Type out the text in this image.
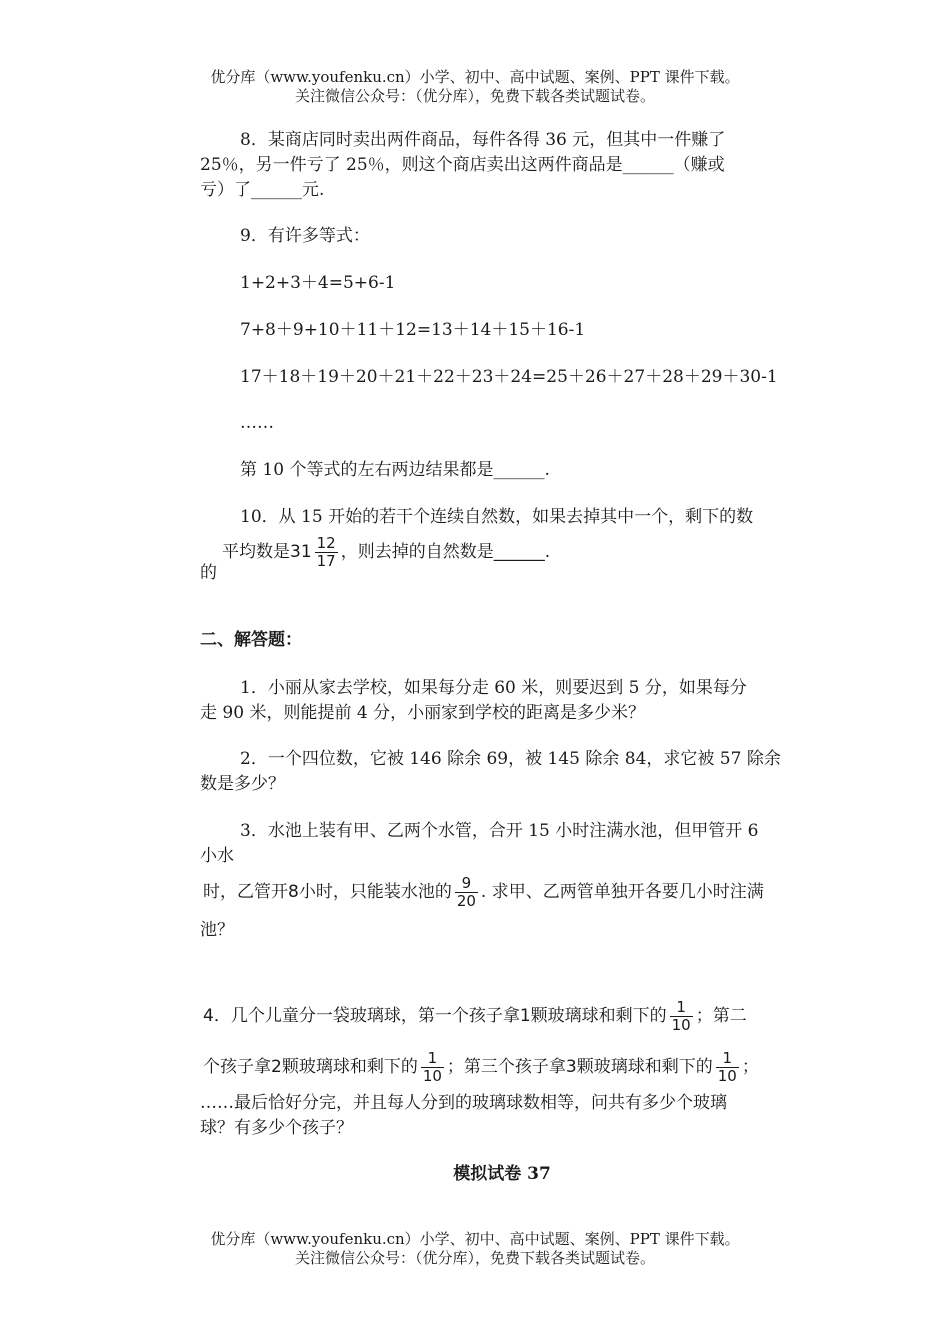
优分库（www.youfenku.cn）小学、初中、高中试题、案例、PPT 课件下载。
关注微信公众号：（优分库），免费下载各类试题试卷。
8．某商店同时卖出两件商品，每件各得 36 元，但其中一件赚了
25％，另一件亏了 25％，则这个商店卖出这两件商品是______（赚或
亏）了______元.
9．有许多等式：
1+2+3＋4=5+6-1
7+8＋9+10＋11＋12=13＋14＋15＋16-1
17＋18＋19＋20＋21＋22＋23＋24=25＋26＋27＋28＋29＋30-1
……
第 10 个等式的左右两边结果都是______.
10．从 15 开始的若干个连续自然数，如果去掉其中一个，剩下的数
平均数是$31 \frac{12}{17}$ ，则去掉的自然数是______.
的
二、解答题：
1．小丽从家去学校，如果每分走 60 米，则要迟到 5 分，如果每分
走 90 米，则能提前 4 分，小丽家到学校的距离是多少米？
2．一个四位数，它被 146 除余 69，被 145 除余 84，求它被 57 除余
数是多少？
3．水池上装有甲、乙两个水管，合开 15 小时注满水池，但甲管开 6
小水
时，乙管开8小时，只能装水池的 $\frac{9}{20}$ . 求甲、乙两管单独开各要几小时注满
池？
4．几个儿童分一袋玻璃球，第一个孩子拿1颗玻璃球和剩下的 $\frac{1}{10}$ ；第二
个孩子拿2颗玻璃球和剩下的 $\frac{1}{10}$ ；第三个孩子拿3颗玻璃球和剩下的 $\frac{1}{10}$ ；
……最后恰好分完，并且每人分到的玻璃球数相等，问共有多少个玻璃
球？有多少个孩子？
模拟试卷 37
优分库（www.youfenku.cn）小学、初中、高中试题、案例、PPT 课件下载。
关注微信公众号：（优分库），免费下载各类试题试卷。
